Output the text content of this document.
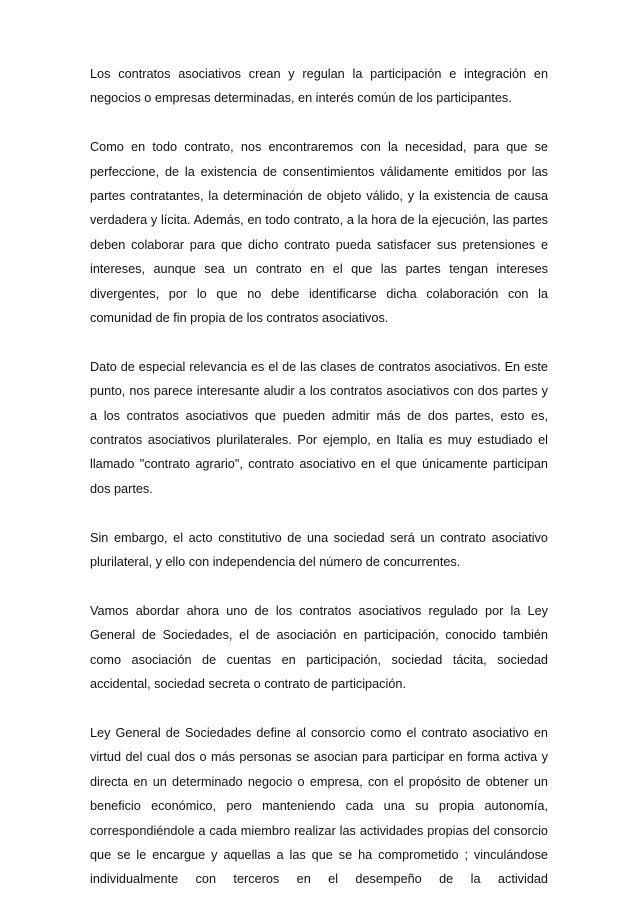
Los contratos asociativos crean y regulan la participación e integración en negocios o empresas determinadas, en interés común de los participantes.

Como en todo contrato, nos encontraremos con la necesidad, para que se perfeccione, de la existencia de consentimientos válidamente emitidos por las partes contratantes, la determinación de objeto válido, y la existencia de causa verdadera y lícita. Además, en todo contrato, a la hora de la ejecución, las partes deben colaborar para que dicho contrato pueda satisfacer sus pretensiones e intereses, aunque sea un contrato en el que las partes tengan intereses divergentes, por lo que no debe identificarse dicha colaboración con la comunidad de fin propia de los contratos asociativos.

Dato de especial relevancia es el de las clases de contratos asociativos. En este punto, nos parece interesante aludir a los contratos asociativos con dos partes y a los contratos asociativos que pueden admitir más de dos partes, esto es, contratos asociativos plurilaterales. Por ejemplo, en Italia es muy estudiado el llamado "contrato agrario", contrato asociativo en el que únicamente participan dos partes.

Sin embargo, el acto constitutivo de una sociedad será un contrato asociativo plurilateral, y ello con independencia del número de concurrentes.

Vamos abordar ahora uno de los contratos asociativos regulado por la Ley General de Sociedades, el de asociación en participación, conocido también como asociación de cuentas en participación, sociedad tácita, sociedad accidental, sociedad secreta o contrato de participación.

Ley General de Sociedades define al consorcio como el contrato asociativo en virtud del cual dos o más personas se asocian para participar en forma activa y directa en un determinado negocio o empresa, con el propósito de obtener un beneficio económico, pero manteniendo cada una su propia autonomía, correspondiéndole a cada miembro realizar las actividades propias del consorcio que se le encargue y aquellas a las que se ha comprometido ; vinculándose individualmente con terceros en el desempeño de la actividad
